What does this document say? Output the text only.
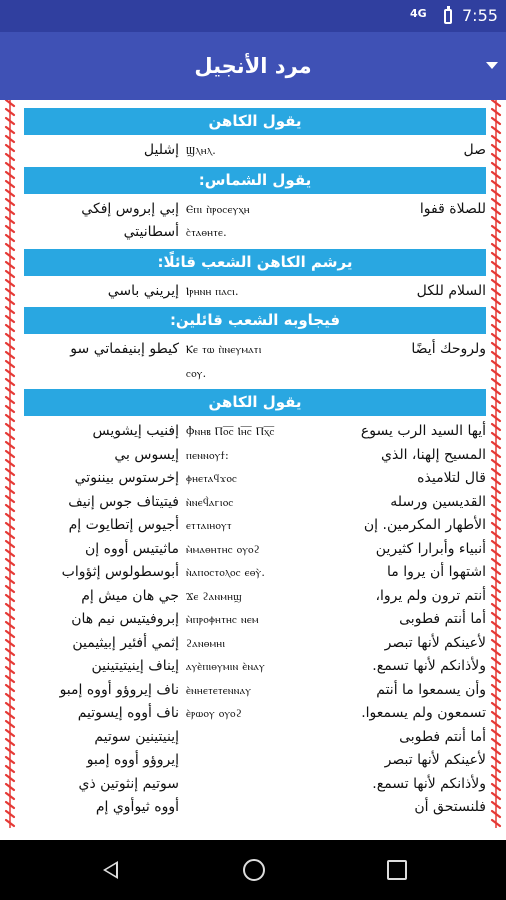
4G 7:55
مرد الأنجيل
يقول الكاهن
إشليل Ϣⲗⲏⲗ.	صل
يقول الشماس:
إبي إبروس إفكي
أسطانيتي
Ⲉⲡⲓ ⲡ̀ⲣⲟⲥⲉⲩⲭⲏ
ⲥ̀ⲧⲁⲑⲏⲧⲉ.
للصلاة قفوا
يرشم الكاهن الشعب قائلًا:
إيريني باسي Ⲓⲣⲏⲛⲏ ⲡⲁⲥⲓ.	السلام للكل
فيجاوبه الشعب قائلين:
كيطو إبنيفماتي سو Ⲕⲉ ⲧⲱ ⲡ̀ⲛⲉⲩⲙⲁⲧⲓ
ⲥⲟⲩ.
ولروحك أيضًا
يقول الكاهن
إفنيب إيشويس
إيسوس بي
إخرستوس بيننوتي
فيتيتاف جوس إنيف
أجيوس إتطايوت إم
ماثيتيس أووه إن
أبوسطولوس إثؤواب
جي هان ميش إم
إبروفيتيس نيم هان
إثمي أفئير إبيثيمين
إيناف إينيتيتينين
ناف إيروؤو أووه إمبو
ناف أووه إيسوتيم
إينيتينين سوتيم
إيروؤو أووه إمبو
سوتيم إنثوتين ذي
أووه ثيوأوي إم
Ⲫⲛⲏⲃ Ⲡⲟ̅ⲥ̅ Ⲓⲏ̅ⲥ̅ Ⲡⲭ̅ⲥ̅
ⲡⲉⲛⲛⲟⲩϯ:
ⲫⲏⲉⲧⲁϥϫⲟⲥ
ⲛ̀ⲛⲉϥ̀ⲁⲅⲓⲟⲥ
ⲉⲧⲧⲁⲓⲏⲟⲩⲧ
ⲙ̀ⲙⲁⲑⲏⲧⲏⲥ ⲟⲩⲟϩ
ⲛ̀ⲁⲡⲟⲥⲧⲟⲗⲟⲥ ⲉⲑⲩ̀.
Ϫⲉ ϩⲁⲛⲙⲏϣ
ⲙ̀ⲡⲣⲟⲫⲏⲧⲏⲥ ⲛⲉⲙ
ϩⲁⲛⲑⲙⲏⲓ
ⲁⲩⲉ̀ⲡⲓⲑⲩⲙⲓⲛ ⲉ̀ⲛⲁⲩ
ⲉ̀ⲛⲏⲉⲧⲉⲧⲉⲛⲛⲁⲩ
ⲉ̀ⲣⲱⲟⲩ ⲟⲩⲟϩ
أيها السيد الرب يسوع
المسيح إلهنا، الذي
قال لتلاميذه
القديسين ورسله
الأطهار المكرمين. إن
أنبياء وأبرارا كثيرين
اشتهوا أن يروا ما
أنتم ترون ولم يروا،
أما أنتم فطوبى
لأعينكم لأنها تبصر
ولأذانكم لأنها تسمع.
وأن يسمعوا ما أنتم
تسمعون ولم يسمعوا.
أما أنتم فطوبى
لأعينكم لأنها تبصر
ولأذانكم لأنها تسمع.
فلنستحق أن
